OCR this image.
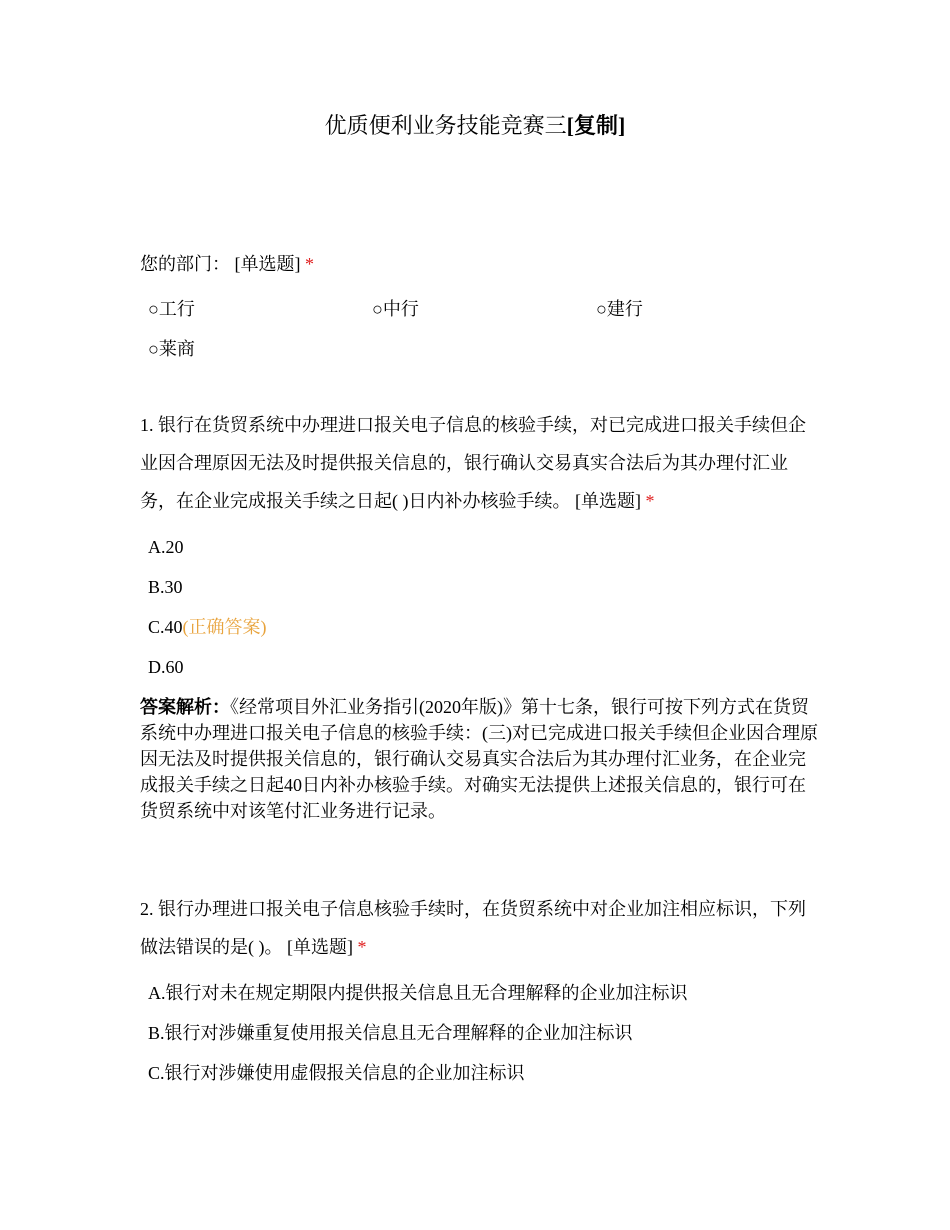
优质便利业务技能竞赛三[复制]

您的部门： [单选题] *

○工行	○中行	○建行
○莱商

1. 银行在货贸系统中办理进口报关电子信息的核验手续，对已完成进口报关手续但企业因合理原因无法及时提供报关信息的，银行确认交易真实合法后为其办理付汇业务，在企业完成报关手续之日起( )日内补办核验手续。 [单选题] *

A.20
B.30
C.40(正确答案)
D.60

答案解析：《经常项目外汇业务指引(2020年版)》第十七条，银行可按下列方式在货贸系统中办理进口报关电子信息的核验手续：(三)对已完成进口报关手续但企业因合理原因无法及时提供报关信息的，银行确认交易真实合法后为其办理付汇业务，在企业完成报关手续之日起40日内补办核验手续。对确实无法提供上述报关信息的，银行可在货贸系统中对该笔付汇业务进行记录。

2. 银行办理进口报关电子信息核验手续时，在货贸系统中对企业加注相应标识，下列做法错误的是( )。 [单选题] *

A.银行对未在规定期限内提供报关信息且无合理解释的企业加注标识
B.银行对涉嫌重复使用报关信息且无合理解释的企业加注标识
C.银行对涉嫌使用虚假报关信息的企业加注标识
